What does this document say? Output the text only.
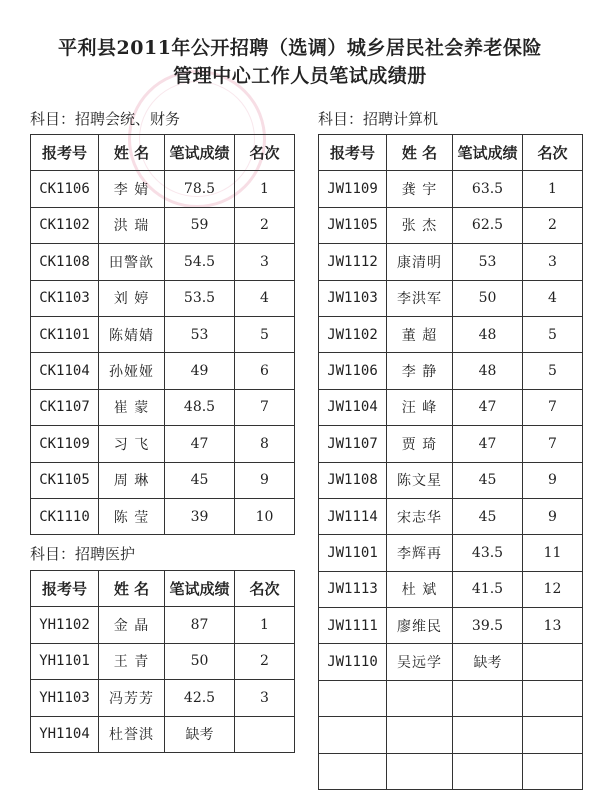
平利县2011年公开招聘（选调）城乡居民社会养老保险
管理中心工作人员笔试成绩册
科目：招聘会统、财务
报考号	姓 名	笔试成绩	名次
CK1106	李 婧	78.5	1
CK1102	洪 瑞	59	2
CK1108	田警歆	54.5	3
CK1103	刘 婷	53.5	4
CK1101	陈婧婧	53	5
CK1104	孙娅娅	49	6
CK1107	崔 蒙	48.5	7
CK1109	习 飞	47	8
CK1105	周 琳	45	9
CK1110	陈 莹	39	10
科目：招聘医护
报考号	姓 名	笔试成绩	名次
YH1102	金 晶	87	1
YH1101	王 青	50	2
YH1103	冯芳芳	42.5	3
YH1104	杜誉淇	缺考	
科目：招聘计算机
报考号	姓 名	笔试成绩	名次
JW1109	龚 宇	63.5	1
JW1105	张 杰	62.5	2
JW1112	康清明	53	3
JW1103	李洪军	50	4
JW1102	董 超	48	5
JW1106	李 静	48	5
JW1104	汪 峰	47	7
JW1107	贾 琦	47	7
JW1108	陈文星	45	9
JW1114	宋志华	45	9
JW1101	李辉再	43.5	11
JW1113	杜 斌	41.5	12
JW1111	廖维民	39.5	13
JW1110	吴远学	缺考	
